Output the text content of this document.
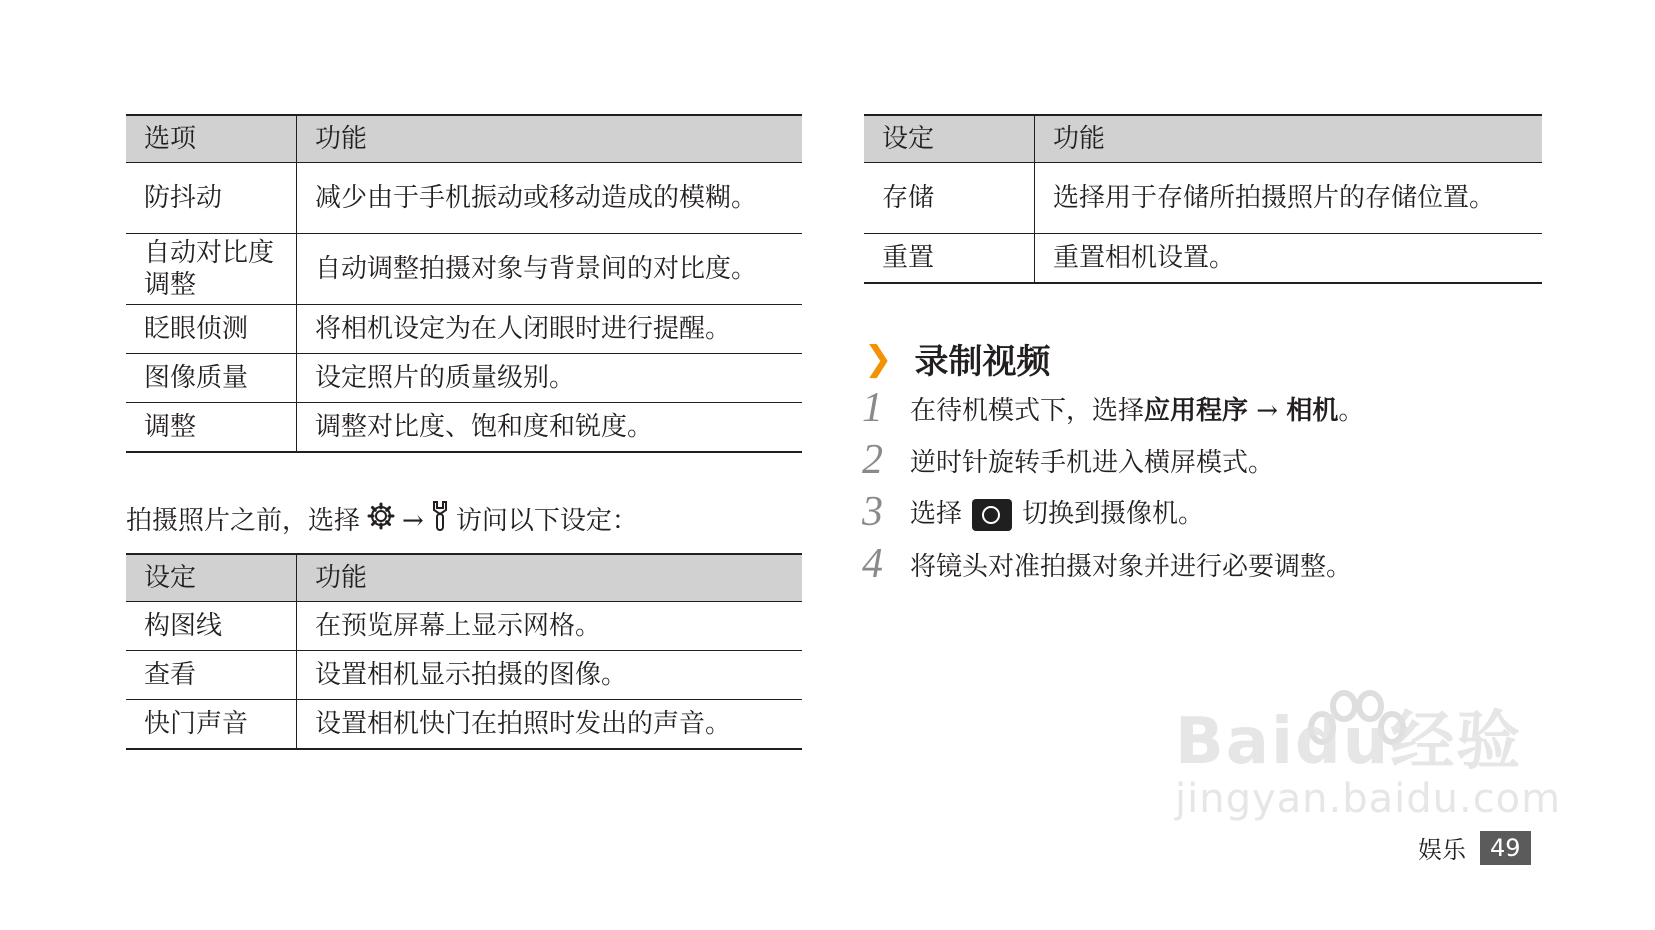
选项	功能
防抖动	减少由于手机振动或移动造成的模糊。
自动对比度调整	自动调整拍摄对象与背景间的对比度。
眨眼侦测	将相机设定为在人闭眼时进行提醒。
图像质量	设定照片的质量级别。
调整	调整对比度、饱和度和锐度。
拍摄照片之前，选择 → 访问以下设定：
设定	功能
构图线	在预览屏幕上显示网格。
查看	设置相机显示拍摄的图像。
快门声音	设置相机快门在拍照时发出的声音。
设定	功能
存储	选择用于存储所拍摄照片的存储位置。
重置	重置相机设置。
❯ 录制视频
1	在待机模式下，选择应用程序 → 相机。
2	逆时针旋转手机进入横屏模式。
3	选择 切换到摄像机。
4	将镜头对准拍摄对象并进行必要调整。
Baidu经验
jingyan.baidu.com
娱乐	49
